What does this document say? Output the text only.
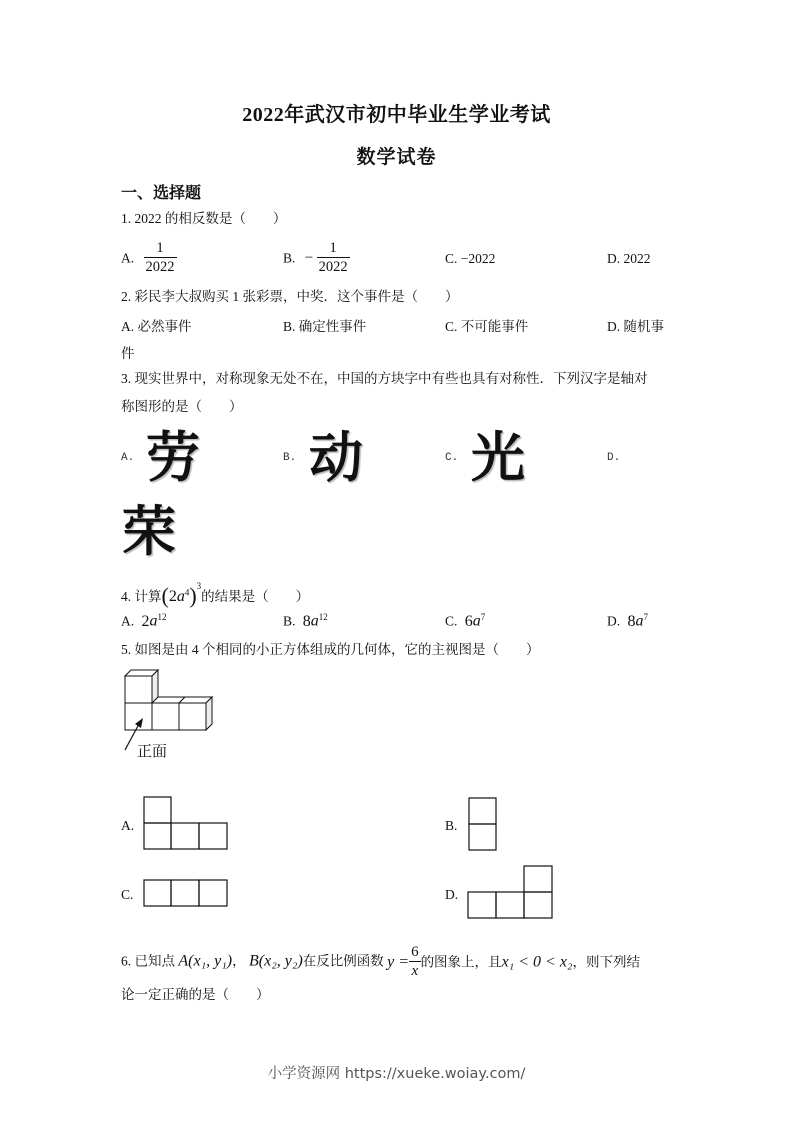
2022年武汉市初中毕业生学业考试
数学试卷
一、选择题
1. 2022 的相反数是（　　）
A. $\frac{1}{2022}$	B. − $\frac{1}{2022}$	C. −2022	D. 2022
2. 彩民李大叔购买 1 张彩票，中奖．这个事件是（　　）
A. 必然事件	B. 确定性事件	C. 不可能事件	D. 随机事
件
3. 现实世界中，对称现象无处不在，中国的方块字中有些也具有对称性．下列汉字是轴对
称图形的是（　　）
A. 劳	B. 动	C. 光	D.
荣
4. 计算$(2a^4)^3$的结果是（　　）
A. $2a^{12}$	B. $8a^{12}$	C. $6a^7$	D. $8a^7$
5. 如图是由 4 个相同的小正方体组成的几何体，它的主视图是（　　）
正面
A.	B.
C.	D.
6. 已知点 A(x₁, y₁)， B(x₂, y₂)在反比例函数 $y = \frac{6}{x}$ 的图象上，且x₁ < 0 < x₂，则下列结
论一定正确的是（　　）
小学资源网 https://xueke.woiay.com/
